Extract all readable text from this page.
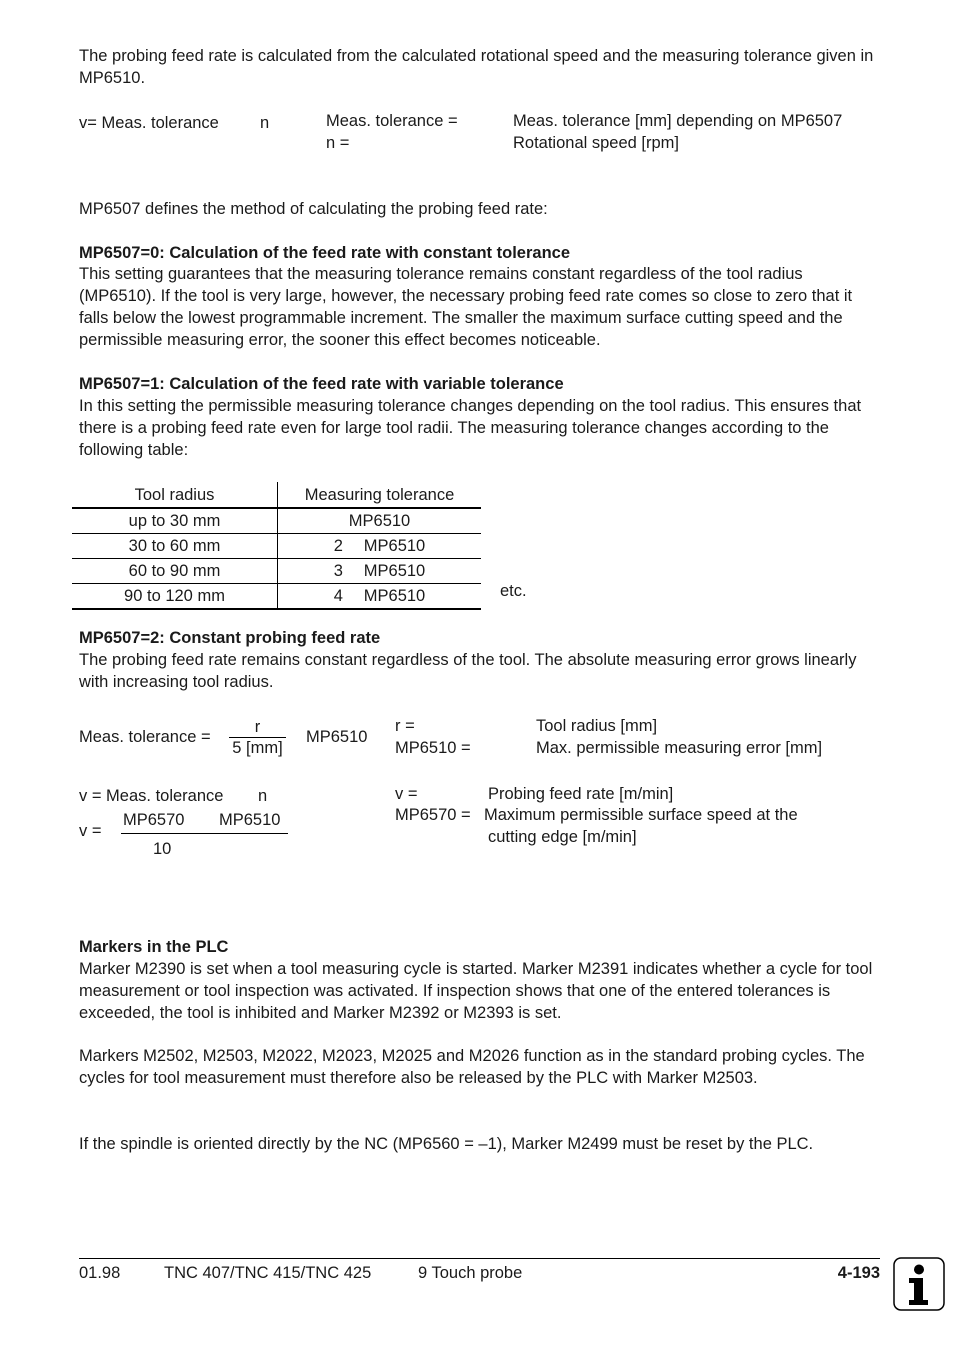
The probing feed rate is calculated from the calculated rotational speed and the measuring tolerance given in MP6510.

v= Meas. tolerance n	Meas. tolerance =	Meas. tolerance [mm] depending on MP6507
n =	Rotational speed [rpm]

MP6507 defines the method of calculating the probing feed rate:

MP6507=0: Calculation of the feed rate with constant tolerance

This setting guarantees that the measuring tolerance remains constant regardless of the tool radius (MP6510). If the tool is very large, however, the necessary probing feed rate comes so close to zero that it falls below the lowest programmable increment. The smaller the maximum surface cutting speed and the permissible measuring error, the sooner this effect becomes noticeable.

MP6507=1: Calculation of the feed rate with variable tolerance

In this setting the permissible measuring tolerance changes depending on the tool radius. This ensures that there is a probing feed rate even for large tool radii. The measuring tolerance changes according to the following table:

Tool radius	Measuring tolerance
up to 30 mm	MP6510
30 to 60 mm	2 MP6510
60 to 90 mm	3 MP6510
90 to 120 mm	4 MP6510	etc.

MP6507=2: Constant probing feed rate

The probing feed rate remains constant regardless of the tool. The absolute measuring error grows linearly with increasing tool radius.

Meas. tolerance =
r
5 [mm]
MP6510
r =	Tool radius [mm]
MP6510 =	Max. permissible measuring error [mm]
v = Meas. tolerance n
v =
MP6570 MP6510
10
v =	Probing feed rate [m/min]
MP6570 = Maximum permissible surface speed at the
cutting edge [m/min]

Markers in the PLC

Marker M2390 is set when a tool measuring cycle is started. Marker M2391 indicates whether a cycle for tool measurement or tool inspection was activated. If inspection shows that one of the entered tolerances is exceeded, the tool is inhibited and Marker M2392 or M2393 is set.

Markers M2502, M2503, M2022, M2023, M2025 and M2026 function as in the standard probing cycles. The cycles for tool measurement must therefore also be released by the PLC with Marker M2503.

If the spindle is oriented directly by the NC (MP6560 = –1), Marker M2499 must be reset by the PLC.

01.98	TNC 407/TNC 415/TNC 425	9 Touch probe	4-193
